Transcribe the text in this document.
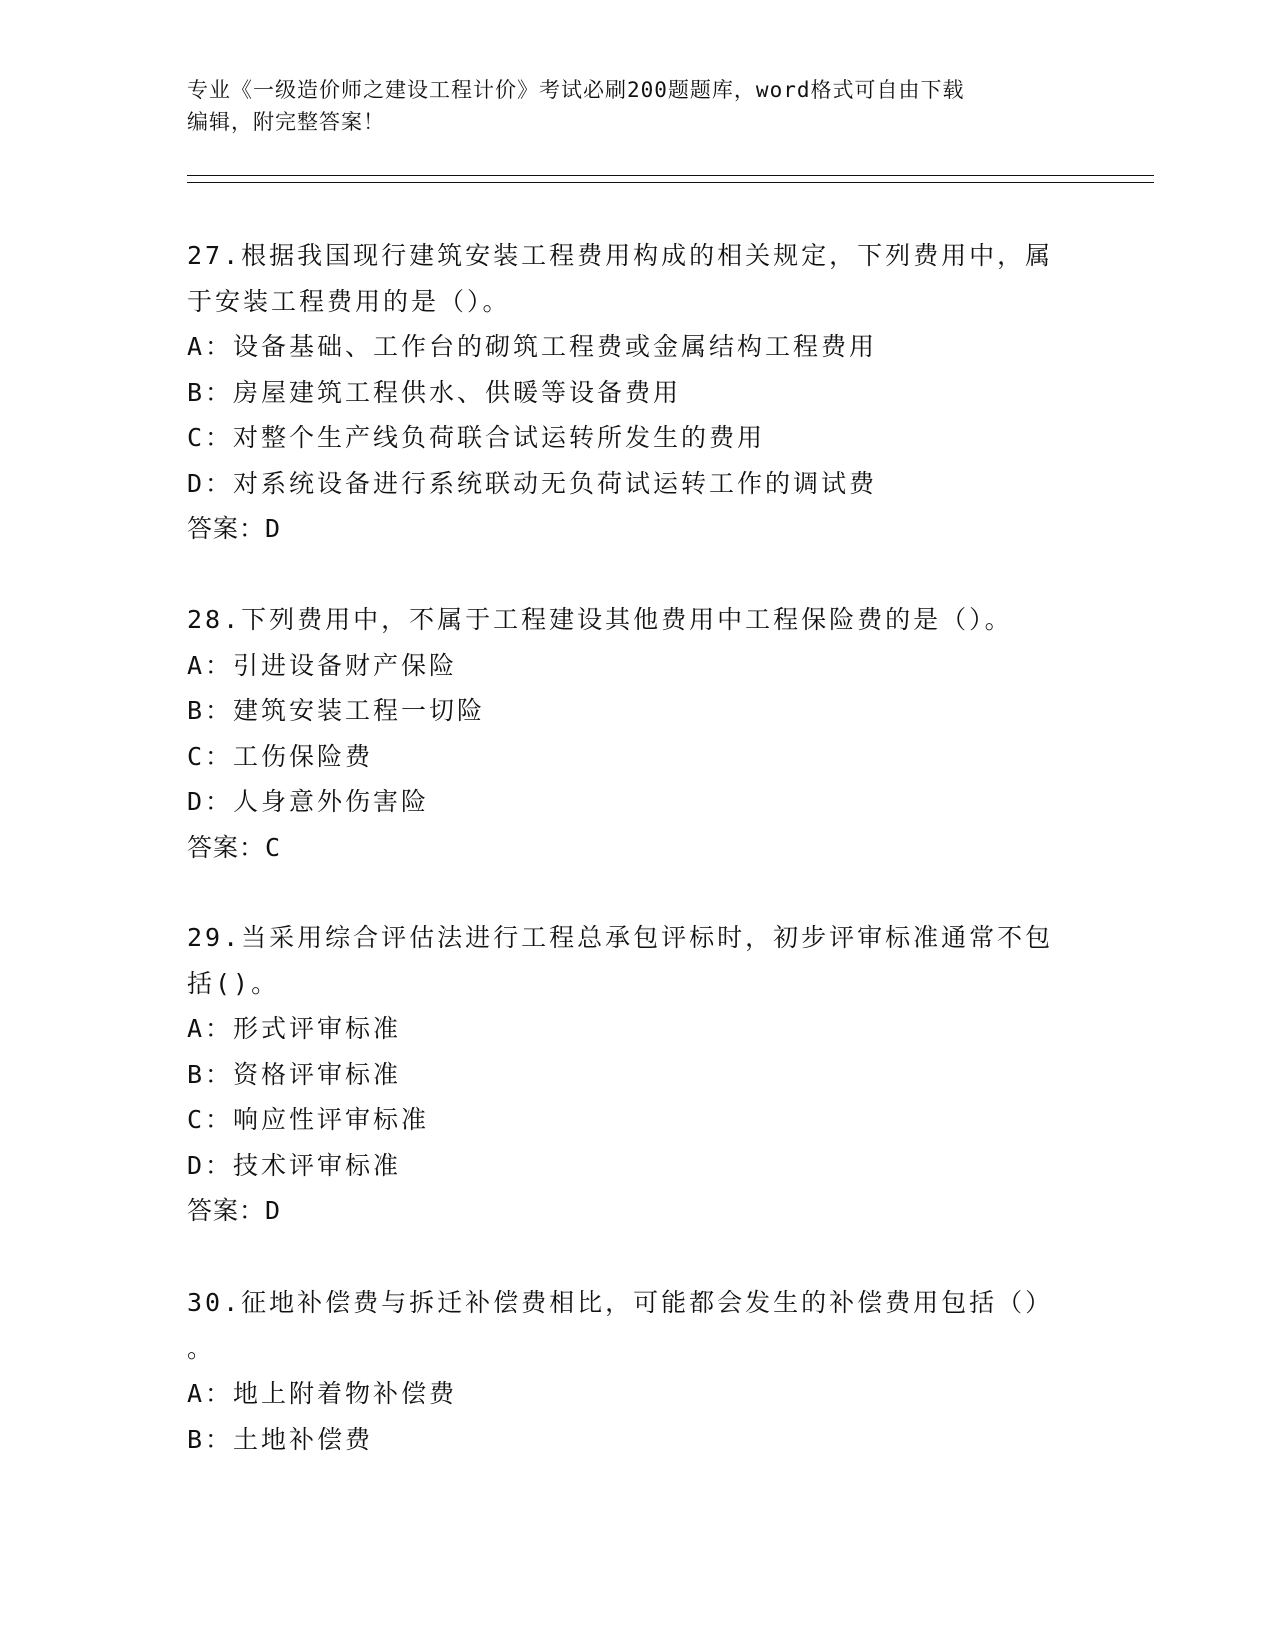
专业《一级造价师之建设工程计价》考试必刷200题题库，word格式可自由下载
编辑，附完整答案！
27.根据我国现行建筑安装工程费用构成的相关规定，下列费用中，属
于安装工程费用的是（）。
A：设备基础、工作台的砌筑工程费或金属结构工程费用
B：房屋建筑工程供水、供暖等设备费用
C：对整个生产线负荷联合试运转所发生的费用
D：对系统设备进行系统联动无负荷试运转工作的调试费
答案：D
28.下列费用中，不属于工程建设其他费用中工程保险费的是（）。
A：引进设备财产保险
B：建筑安装工程一切险
C：工伤保险费
D：人身意外伤害险
答案：C
29.当采用综合评估法进行工程总承包评标时，初步评审标准通常不包
括()。
A：形式评审标准
B：资格评审标准
C：响应性评审标准
D：技术评审标准
答案：D
30.征地补偿费与拆迁补偿费相比，可能都会发生的补偿费用包括（）
。
A：地上附着物补偿费
B：土地补偿费
